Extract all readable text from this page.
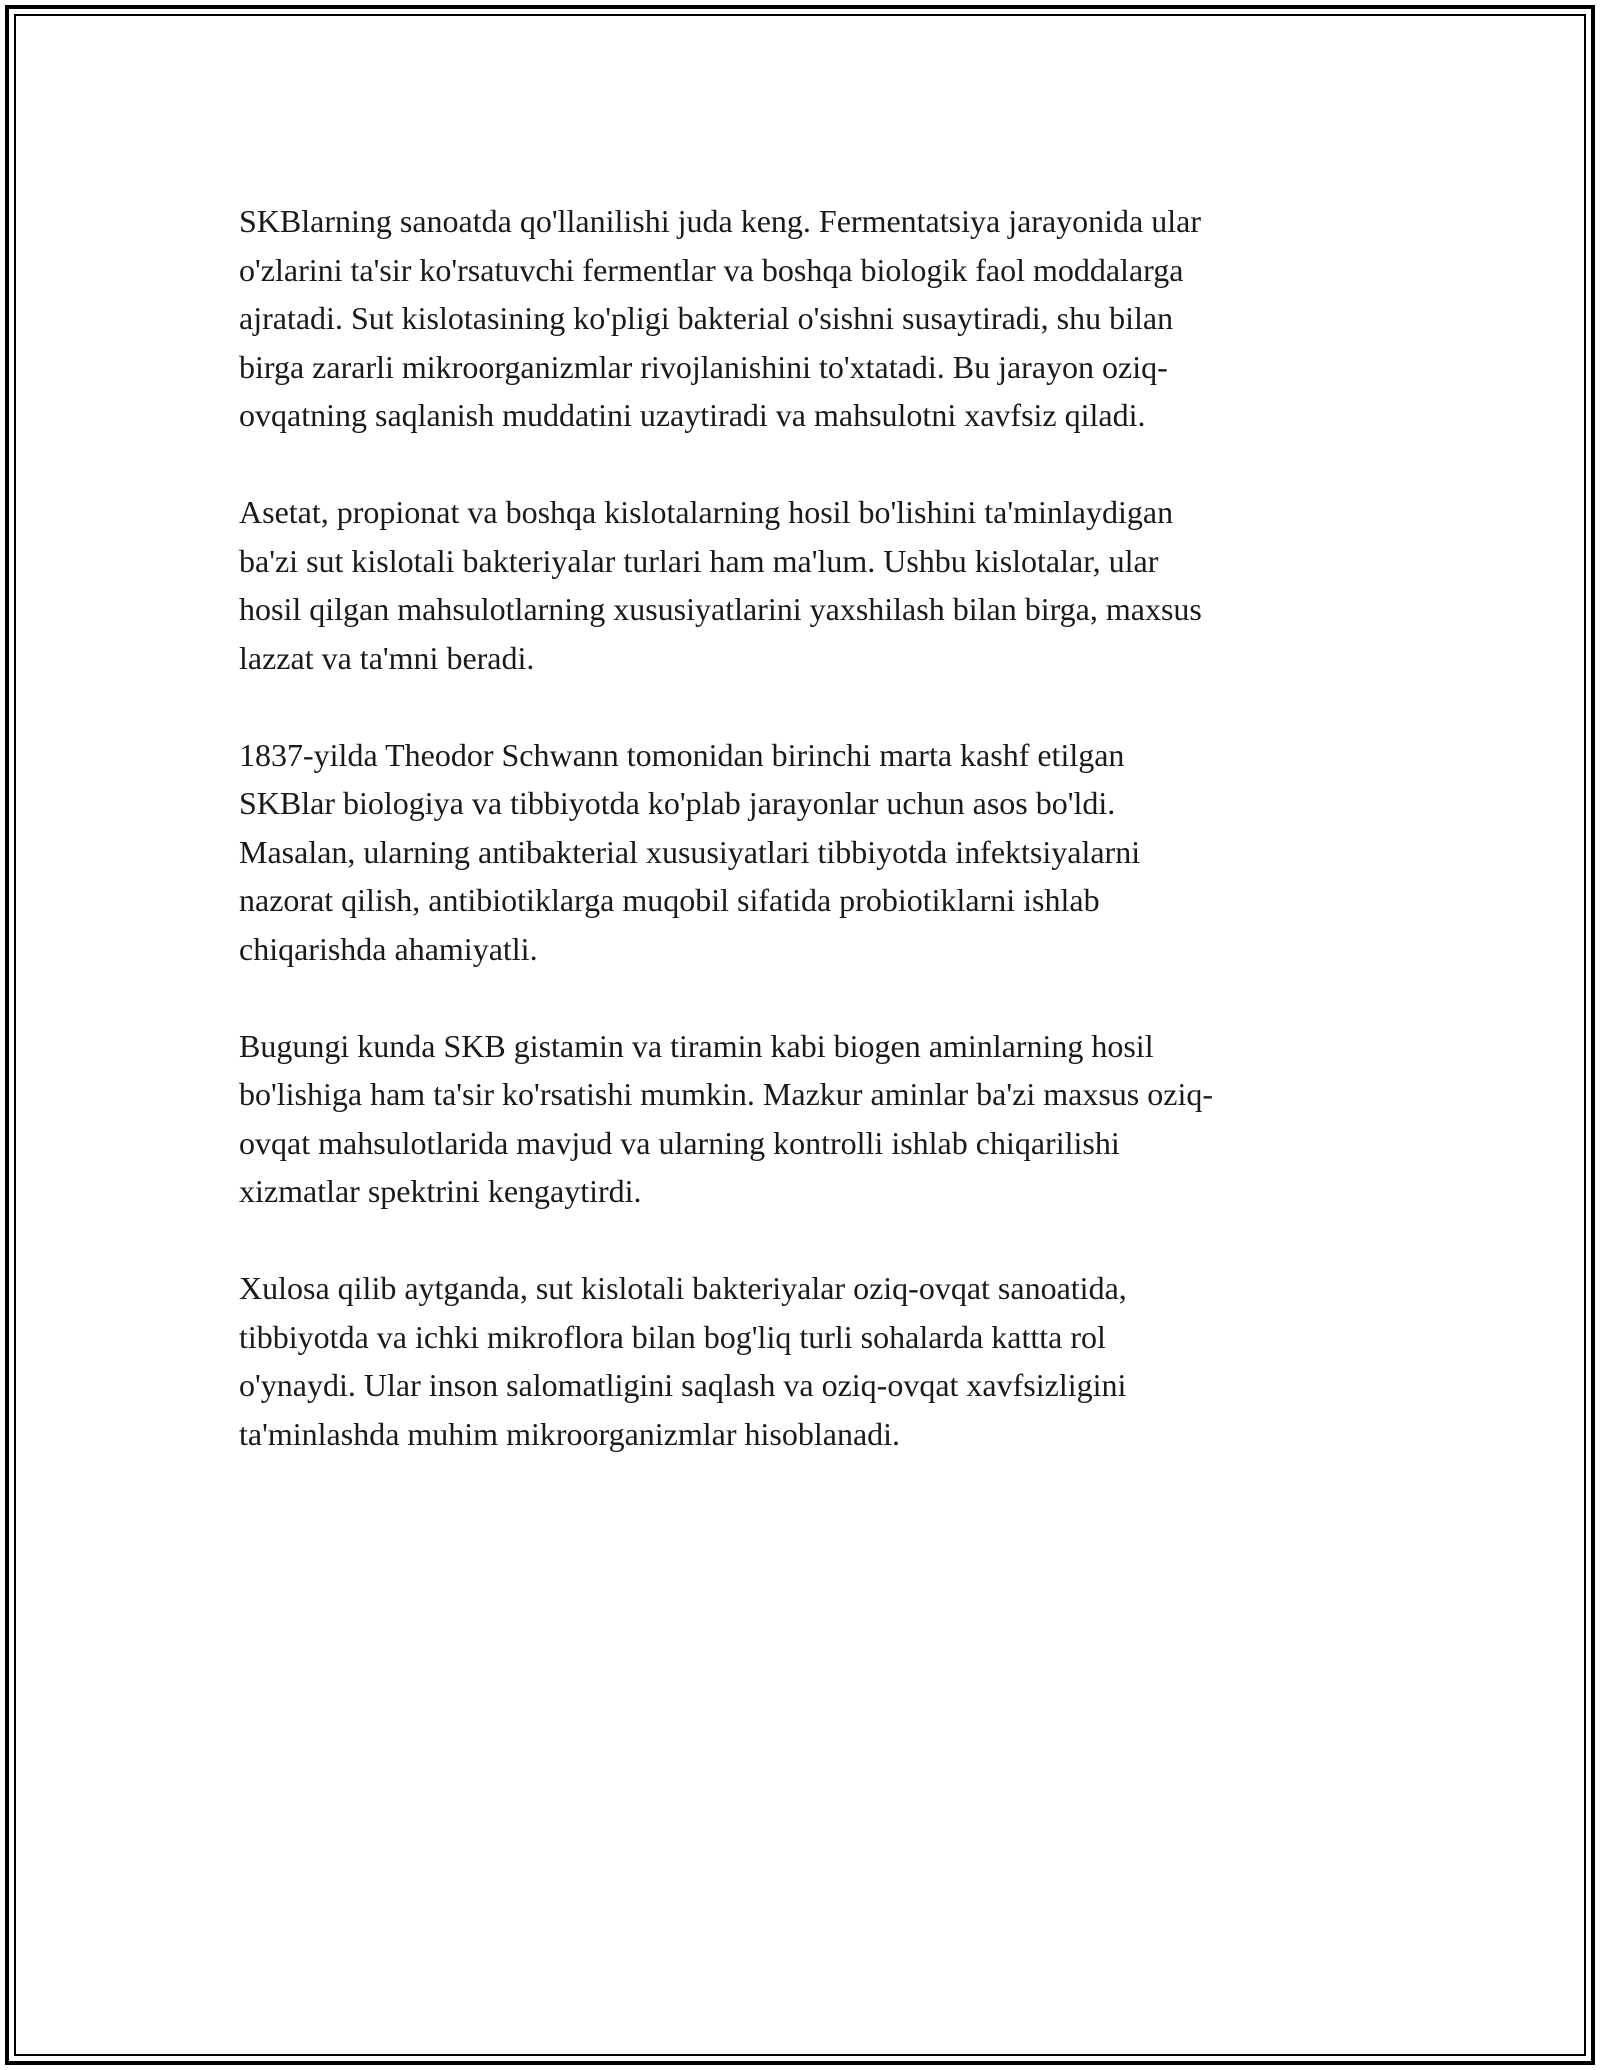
SKBlarning sanoatda qo'llanilishi juda keng. Fermentatsiya jarayonida ular
o'zlarini ta'sir ko'rsatuvchi fermentlar va boshqa biologik faol moddalarga
ajratadi. Sut kislotasining ko'pligi bakterial o'sishni susaytiradi, shu bilan
birga zararli mikroorganizmlar rivojlanishini to'xtatadi. Bu jarayon oziq-
ovqatning saqlanish muddatini uzaytiradi va mahsulotni xavfsiz qiladi.

Asetat, propionat va boshqa kislotalarning hosil bo'lishini ta'minlaydigan
ba'zi sut kislotali bakteriyalar turlari ham ma'lum. Ushbu kislotalar, ular
hosil qilgan mahsulotlarning xususiyatlarini yaxshilash bilan birga, maxsus
lazzat va ta'mni beradi.

1837-yilda Theodor Schwann tomonidan birinchi marta kashf etilgan
SKBlar biologiya va tibbiyotda ko'plab jarayonlar uchun asos bo'ldi.
Masalan, ularning antibakterial xususiyatlari tibbiyotda infektsiyalarni
nazorat qilish, antibiotiklarga muqobil sifatida probiotiklarni ishlab
chiqarishda ahamiyatli.

Bugungi kunda SKB gistamin va tiramin kabi biogen aminlarning hosil
bo'lishiga ham ta'sir ko'rsatishi mumkin. Mazkur aminlar ba'zi maxsus oziq-
ovqat mahsulotlarida mavjud va ularning kontrolli ishlab chiqarilishi
xizmatlar spektrini kengaytirdi.

Xulosa qilib aytganda, sut kislotali bakteriyalar oziq-ovqat sanoatida,
tibbiyotda va ichki mikroflora bilan bog'liq turli sohalarda kattta rol
o'ynaydi. Ular inson salomatligini saqlash va oziq-ovqat xavfsizligini
ta'minlashda muhim mikroorganizmlar hisoblanadi.
